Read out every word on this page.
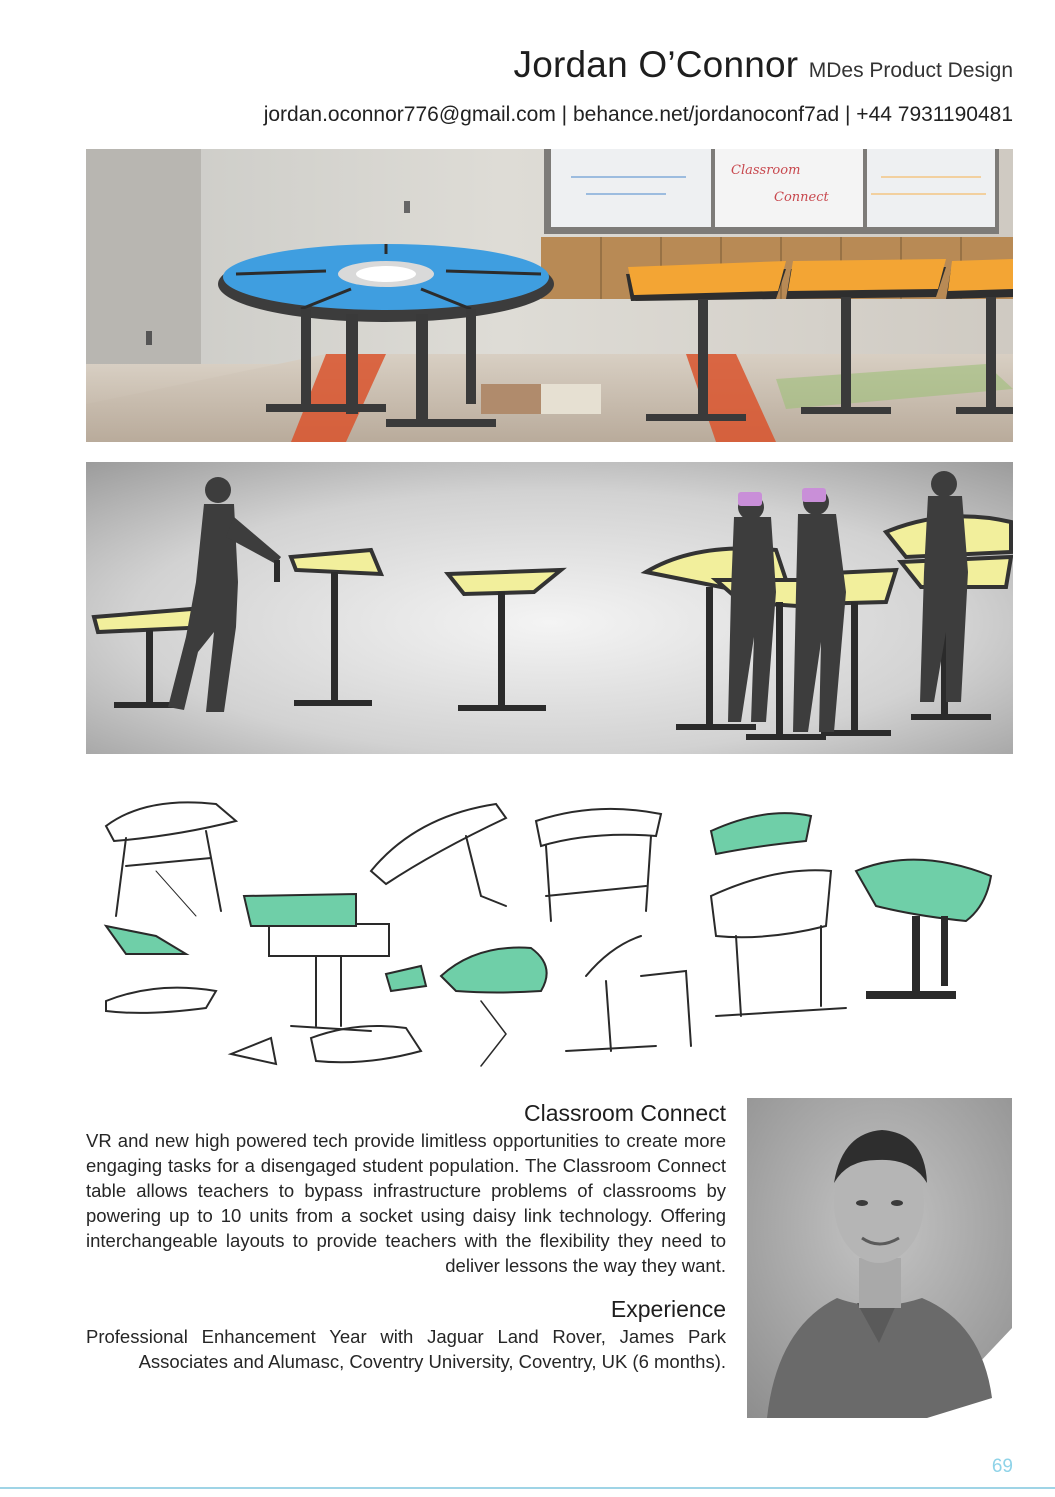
Jordan O’Connor MDes Product Design
jordan.oconnor776@gmail.com | behance.net/jordanoconf7ad | +44 7931190481
Classroom
Connect
Classroom Connect
VR and new high powered tech provide limitless opportunities to create more engaging tasks for a disengaged student population. The Classroom Connect table allows teachers to bypass infrastructure problems of classrooms by powering up to 10 units from a socket using daisy link technology. Offering interchangeable layouts to provide teachers with the flexibility they need to deliver lessons the way they want.
Experience
Professional Enhancement Year with Jaguar Land Rover, James Park Associates and Alumasc, Coventry University, Coventry, UK (6 months).
69
